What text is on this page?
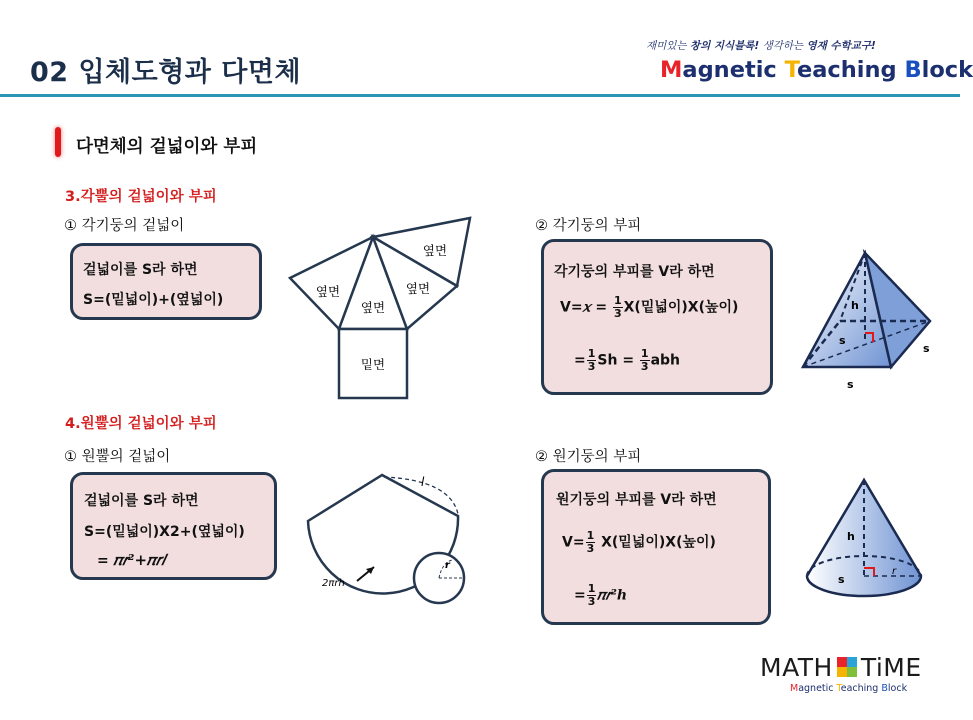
02 입체도형과 다면체
재미있는 창의 지식블록! 생각하는 영재 수학교구!
Magnetic Teaching Block
다면체의 겉넓이와 부피
3.각뿔의 겉넓이와 부피
① 각기둥의 겉넓이
겉넓이를 S라 하면
S=(밑넓이)+(옆넓이)
옆면
옆면
옆면
옆면
밑면
② 각기둥의 부피
각기둥의 부피를 V라 하면
V=𝑥 = $\frac{1}{3} X$(밑넓이)X(높이)
= $\frac{1}{3}$ $Sh = \frac{1}{3}$ abh
h
s
s
s
4.원뿔의 겉넓이와 부피
① 원뿔의 겉넓이
겉넓이를 S라 하면
S=(밑넓이)X2+(옆넓이)
= 𝜋𝑟²+𝜋𝑟𝑙
l
r
2πrh
② 원기둥의 부피
원기둥의 부피를 V라 하면
$V= \frac{1}{3} X$(밑넓이)X(높이)
= $\frac{1}{3}$ 𝜋𝑟²ℎ
h
s
r
MATH TiME
Magnetic Teaching Block
